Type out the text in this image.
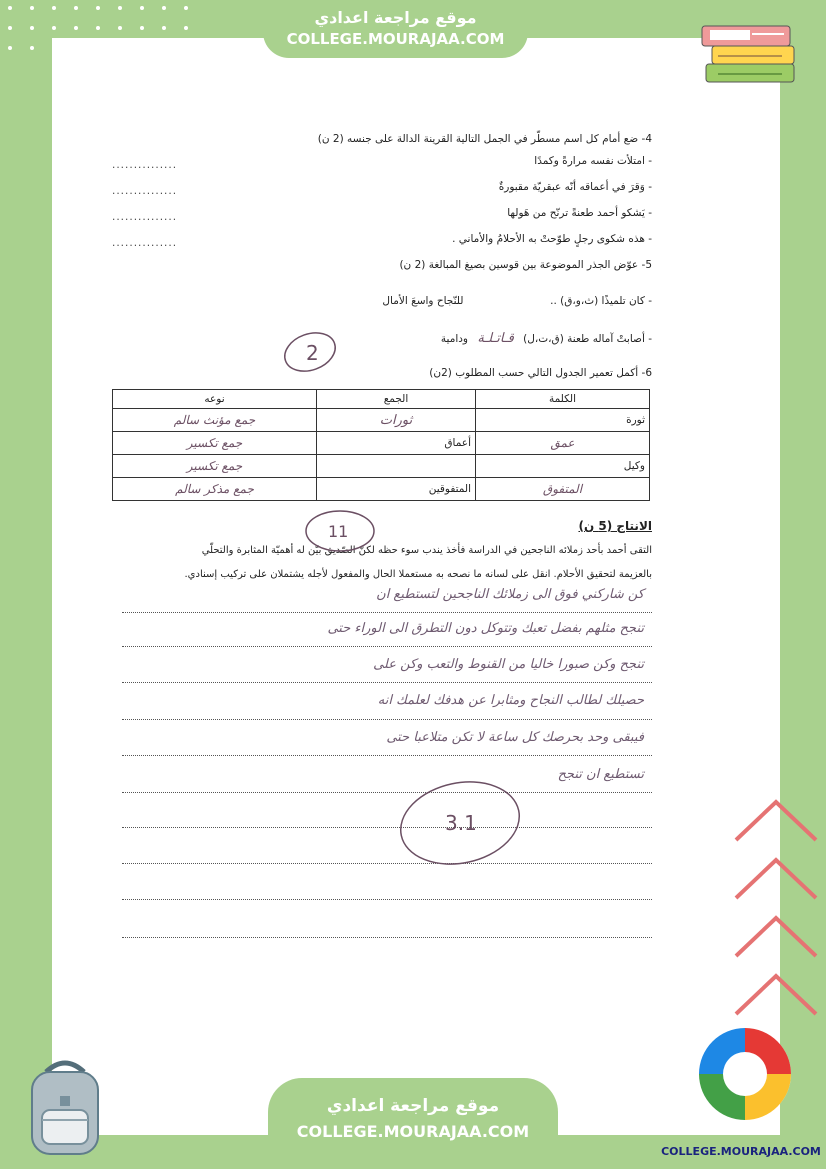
موقع مراجعة اعدادي
COLLEGE.MOURAJAA.COM
4- ضع أمام كل اسم مسطّر في الجمل التالية القرينة الدالة على جنسه (2 ن)
- امتلأت نفسه مرارةً وكمدًا
...............
- وَقرَ في أعماقه أنّه عبقريّة مقبورةٌ
...............
- يَشكو أحمد طعنةً ترنّح من هَولها
...............
- هذه شكوى رجلٍ طوّحتْ به الأحلامُ والأماني .
...............
5- عوّض الجذر الموضوعة بين قوسين بصيغ المبالغة (2 ن)
- كان تلميذًا (ث،و،ق) ..  للنّجاح واسعَ الأمال
- أصابتْ آماله طعنة (ق،ت،ل) قـاتـلـة ودامية
6- أكمل تعمير الجدول التالي حسب المطلوب (2ن)
الكلمة	الجمع	نوعه
ثورة	ثورات	جمع مؤنث سالم
عمق	أعماق	جمع تكسير
وكيل		جمع تكسير
المتفوق	المتفوقين	جمع مذكر سالم
الانتاج (5 ن)
التقى أحمد بأحد زملائه الناجحين في الدراسة فأخذ يندب سوء حظه لكنّ الصّديق بيّن له أهميّة المثابرة والتحلّي
بالعزيمة لتحقيق الأحلام. انقل على لسانه ما نصحه به مستعملا الحال والمفعول لأجله يشتملان على تركيب إسنادي.
كن شاركني فوق الى زملائك الناجحين لتستطيع ان
تنجح مثلهم بفضل تعبك وتتوكل دون التطرق الى الوراء حتى
تنجح وكن صبورا خاليا من القنوط والتعب وكن على
حصيلك لطالب النجاح ومثابرا عن هدفك لعلمك انه
فيبقى وحد بحرصك كل ساعة لا تكن متلاعبا حتى
تستطيع ان تنجح
2
11
3.1
COLLEGE.MOURAJAA.COM
موقع مراجعة اعدادي
COLLEGE.MOURAJAA.COM
